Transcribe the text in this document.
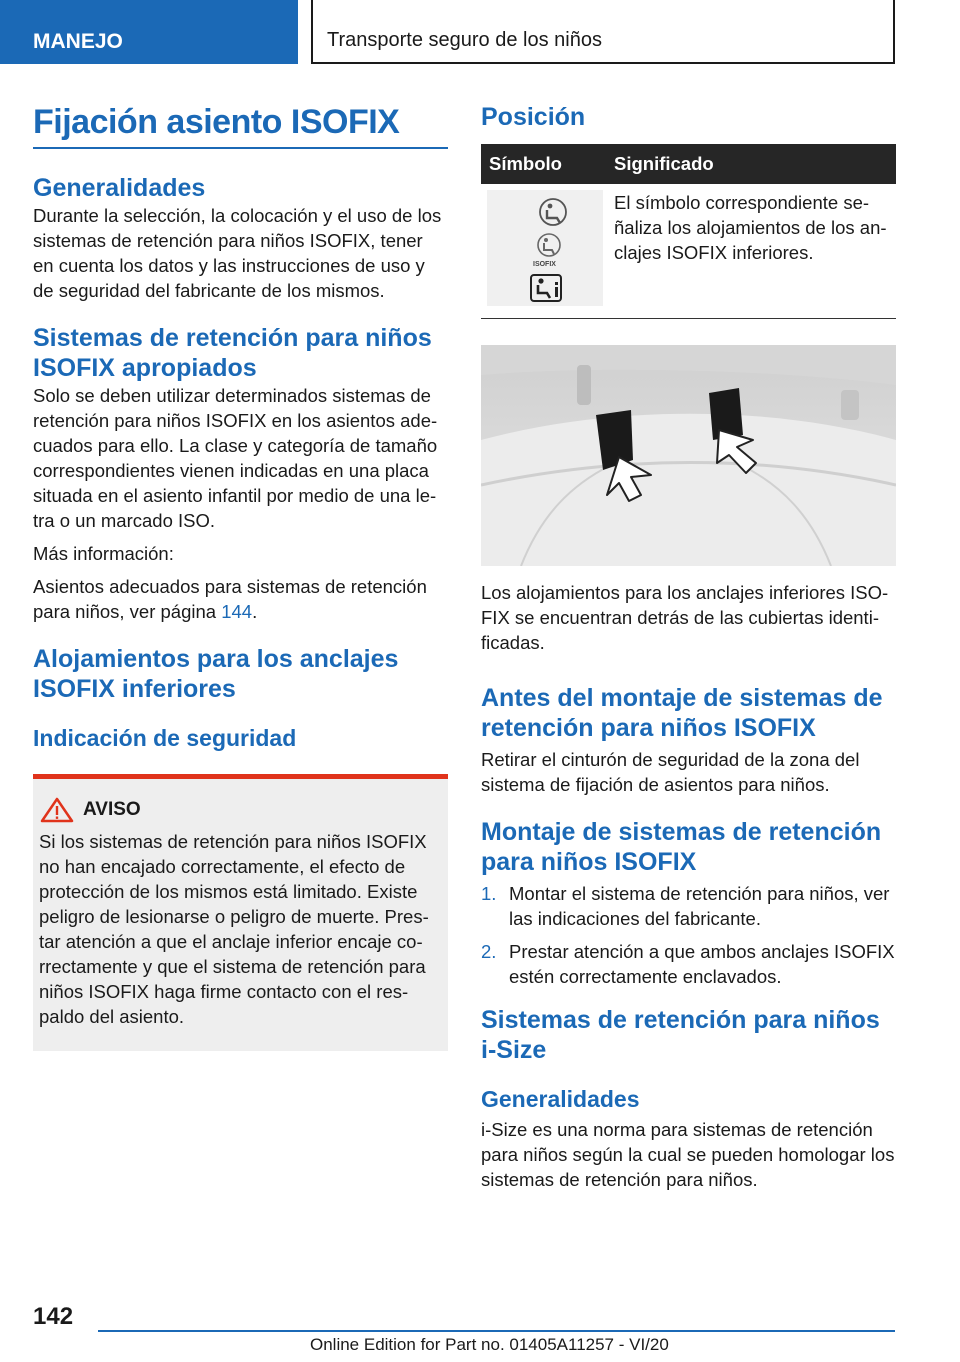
MANEJO	Transporte seguro de los niños
Fijación asiento ISOFIX
Generalidades

Durante la selección, la colocación y el uso de los sistemas de retención para niños ISOFIX, tener en cuenta los datos y las instrucciones de uso y de seguridad del fabricante de los mismos.

Sistemas de retención para niños ISOFIX apropiados

Solo se deben utilizar determinados sistemas de retención para niños ISOFIX en los asientos adecuados para ello. La clase y categoría de tamaño correspondientes vienen indicadas en una placa situada en el asiento infantil por medio de una letra o un marcado ISO.

Más información:

Asientos adecuados para sistemas de retención para niños, ver página 144.

Alojamientos para los anclajes ISOFIX inferiores
Indicación de seguridad
AVISO

Si los sistemas de retención para niños ISOFIX no han encajado correctamente, el efecto de protección de los mismos está limitado. Existe peligro de lesionarse o peligro de muerte. Prestar atención a que el anclaje inferior encaje correctamente y que el sistema de retención para niños ISOFIX haga firme contacto con el respaldo del asiento.

Posición
Símbolo	Significado

ISOFIX	El símbolo correspondiente señaliza los alojamientos de los anclajes ISOFIX inferiores.

Los alojamientos para los anclajes inferiores ISOFIX se encuentran detrás de las cubiertas identificadas.

Antes del montaje de sistemas de retención para niños ISOFIX

Retirar el cinturón de seguridad de la zona del sistema de fijación de asientos para niños.

Montaje de sistemas de retención para niños ISOFIX
1. Montar el sistema de retención para niños, ver las indicaciones del fabricante.
2. Prestar atención a que ambos anclajes ISOFIX estén correctamente enclavados.
Sistemas de retención para niños i-Size
Generalidades

i-Size es una norma para sistemas de retención para niños según la cual se pueden homologar los sistemas de retención para niños.

142
Online Edition for Part no. 01405A11257 - VI/20
